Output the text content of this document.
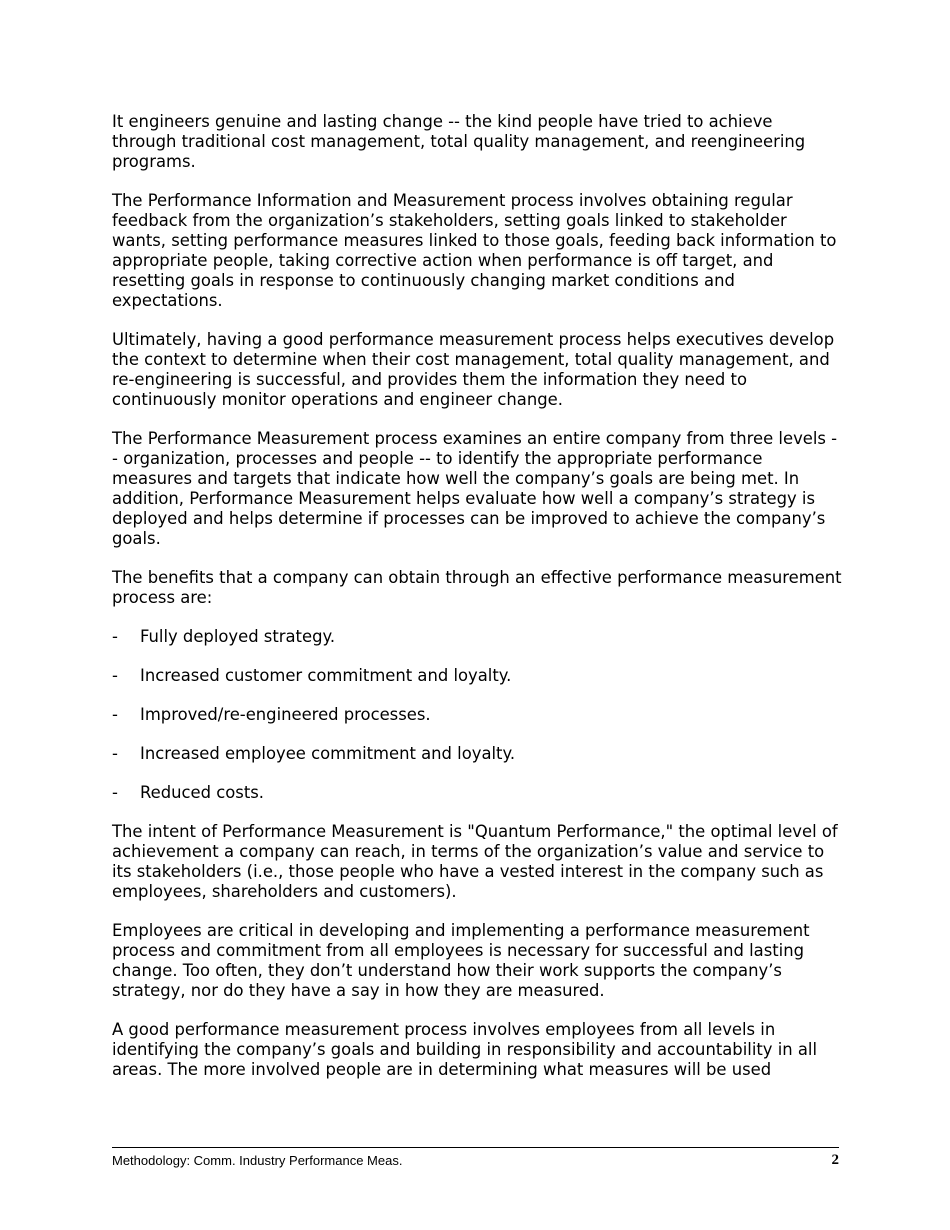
It engineers genuine and lasting change -- the kind people have tried to achieve through traditional cost management, total quality management, and reengineering programs.

The Performance Information and Measurement process involves obtaining regular feedback from the organization’s stakeholders, setting goals linked to stakeholder wants, setting performance measures linked to those goals, feeding back information to appropriate people, taking corrective action when performance is off target, and resetting goals in response to continuously changing market conditions and expectations.

Ultimately, having a good performance measurement process helps executives develop the context to determine when their cost management, total quality management, and re-engineering is successful, and provides them the information they need to continuously monitor operations and engineer change.

The Performance Measurement process examines an entire company from three levels -- organization, processes and people -- to identify the appropriate performance measures and targets that indicate how well the company’s goals are being met. In addition, Performance Measurement helps evaluate how well a company’s strategy is deployed and helps determine if processes can be improved to achieve the company’s goals.

The benefits that a company can obtain through an effective performance measurement process are:

-	Fully deployed strategy.
-	Increased customer commitment and loyalty.
-	Improved/re-engineered processes.
-	Increased employee commitment and loyalty.
-	Reduced costs.

The intent of Performance Measurement is "Quantum Performance," the optimal level of achievement a company can reach, in terms of the organization’s value and service to its stakeholders (i.e., those people who have a vested interest in the company such as employees, shareholders and customers).

Employees are critical in developing and implementing a performance measurement process and commitment from all employees is necessary for successful and lasting change. Too often, they don’t understand how their work supports the company’s strategy, nor do they have a say in how they are measured.

A good performance measurement process involves employees from all levels in identifying the company’s goals and building in responsibility and accountability in all areas. The more involved people are in determining what measures will be used

Methodology: Comm. Industry Performance Meas.	2
